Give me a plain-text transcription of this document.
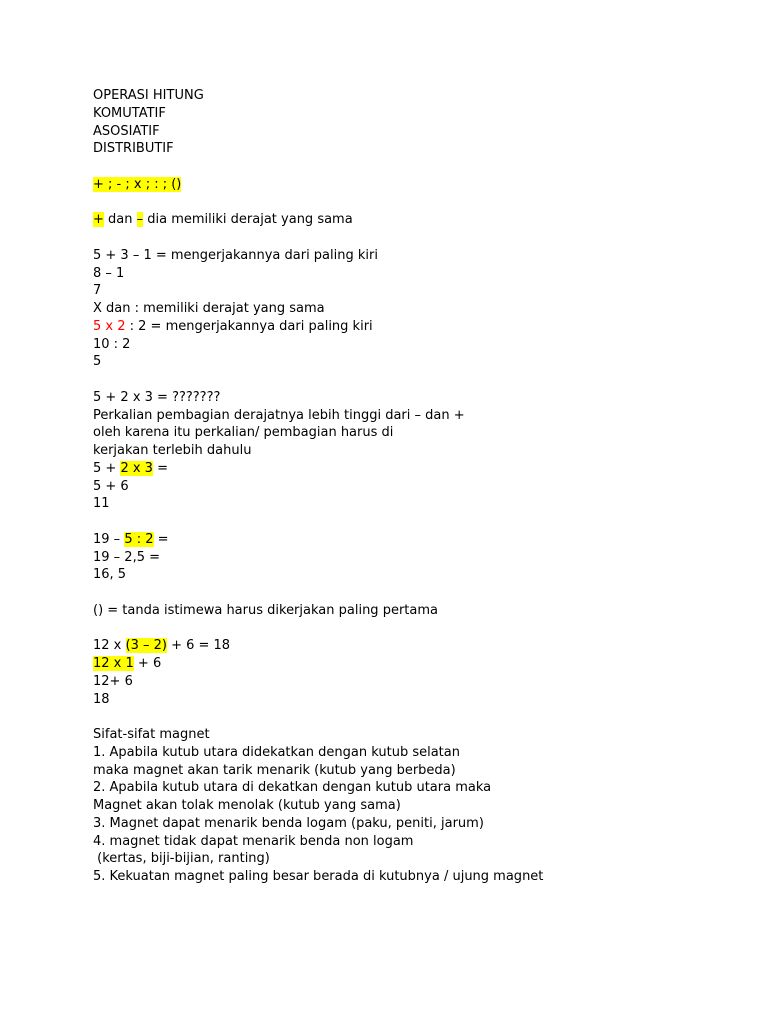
OPERASI HITUNG
KOMUTATIF
ASOSIATIF
DISTRIBUTIF
+ ; - ; x ; : ; ()
+ dan – dia memiliki derajat yang sama
5 + 3 – 1 = mengerjakannya dari paling kiri
8 – 1
7
X dan : memiliki derajat yang sama
5 x 2 : 2 = mengerjakannya dari paling kiri
10 : 2
5
5 + 2 x 3 = ???????
Perkalian pembagian derajatnya lebih tinggi dari – dan +
oleh karena itu perkalian/ pembagian harus di
kerjakan terlebih dahulu
5 + 2 x 3 =
5 + 6
11
19 – 5 : 2 =
19 – 2,5 =
16, 5
() = tanda istimewa harus dikerjakan paling pertama
12 x (3 – 2) + 6 = 18
12 x 1 + 6
12+ 6
18
Sifat-sifat magnet
1. Apabila kutub utara didekatkan dengan kutub selatan
maka magnet akan tarik menarik (kutub yang berbeda)
2. Apabila kutub utara di dekatkan dengan kutub utara maka
Magnet akan tolak menolak (kutub yang sama)
3. Magnet dapat menarik benda logam (paku, peniti, jarum)
4. magnet tidak dapat menarik benda non logam
(kertas, biji-bijian, ranting)
5. Kekuatan magnet paling besar berada di kutubnya / ujung magnet
